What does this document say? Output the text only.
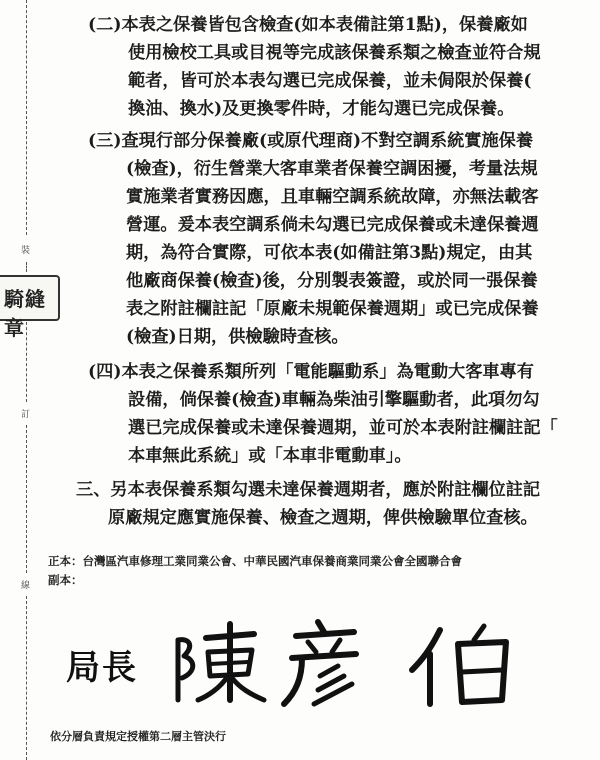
裝
騎縫章
訂
線
(二)本表之保養皆包含檢查(如本表備註第1點)，保養廠如
使用檢校工具或目視等完成該保養系類之檢查並符合規
範者，皆可於本表勾選已完成保養，並未侷限於保養(
換油、換水)及更換零件時，才能勾選已完成保養。
(三)查現行部分保養廠(或原代理商)不對空調系統實施保養
(檢查)，衍生營業大客車業者保養空調困擾，考量法規
實施業者實務因應，且車輛空調系統故障，亦無法載客
營運。爰本表空調系倘未勾選已完成保養或未達保養週
期，為符合實際，可依本表(如備註第3點)規定，由其
他廠商保養(檢查)後，分別製表簽證，或於同一張保養
表之附註欄註記「原廠未規範保養週期」或已完成保養
(檢查)日期，供檢驗時查核。
(四)本表之保養系類所列「電能驅動系」為電動大客車專有
設備，倘保養(檢查)車輛為柴油引擎驅動者，此項勿勾
選已完成保養或未達保養週期，並可於本表附註欄註記「
本車無此系統」或「本車非電動車」。
三、另本表保養系類勾選未達保養週期者，應於附註欄位註記
原廠規定應實施保養、檢查之週期，俾供檢驗單位查核。
正本：台灣區汽車修理工業同業公會、中華民國汽車保養商業同業公會全國聯合會
副本：
局長
依分層負責規定授權第二層主管決行
